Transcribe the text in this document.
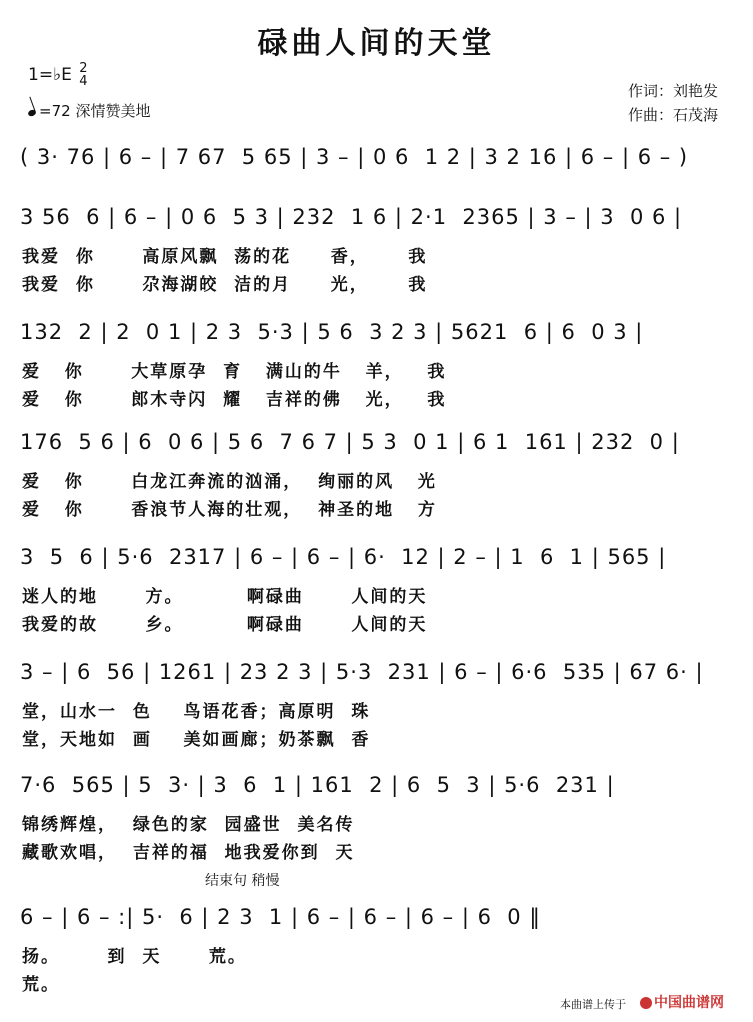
碌曲人间的天堂
1=♭E 2
4
=72 深情赞美地
作词：刘艳发
作曲：石茂海
( 3· 76 | 6 – | 7 67  5 65 | 3 – | 0 6  1 2 | 3 2 16 | 6 – | 6 – )
3 56  6 | 6 – | 0 6  5 3 | 232  1 6 | 2·1  2365 | 3 – | 3  0 6 |
我爱  你      高原风飘  荡的花     香，     我
我爱  你      尕海湖皎  洁的月     光，     我
132  2 | 2  0 1 | 2 3  5·3 | 5 6  3 2 3 | 5621  6 | 6  0 3 |
爱   你      大草原孕  育   满山的牛   羊，   我
爱   你      郎木寺闪  耀   吉祥的佛   光，   我
176  5 6 | 6  0 6 | 5 6  7 6 7 | 5 3  0 1 | 6 1  161 | 232  0 |
爱   你      白龙江奔流的汹涌，  绚丽的风   光
爱   你      香浪节人海的壮观，  神圣的地   方
3  5  6 | 5·6  2317 | 6 – | 6 – | 6·  12 | 2 – | 1  6  1 | 565 |
迷人的地      方。        啊碌曲      人间的天
我爱的故      乡。        啊碌曲      人间的天
3 – | 6  56 | 1261 | 23 2 3 | 5·3  231 | 6 – | 6·6  535 | 67 6· |
堂，山水一  色    鸟语花香；高原明  珠
堂，天地如  画    美如画廊；奶茶飘  香
7·6  565 | 5  3· | 3  6  1 | 161  2 | 6  5  3 | 5·6  231 |
锦绣辉煌，  绿色的家  园盛世  美名传
藏歌欢唱，  吉祥的福  地我爱你到  天
结束句 稍慢
6 – | 6 – :| 5·  6 | 2 3  1 | 6 – | 6 – | 6 – | 6  0 ‖
扬。      到  天      荒。
荒。
本曲谱上传于	中国曲谱网
